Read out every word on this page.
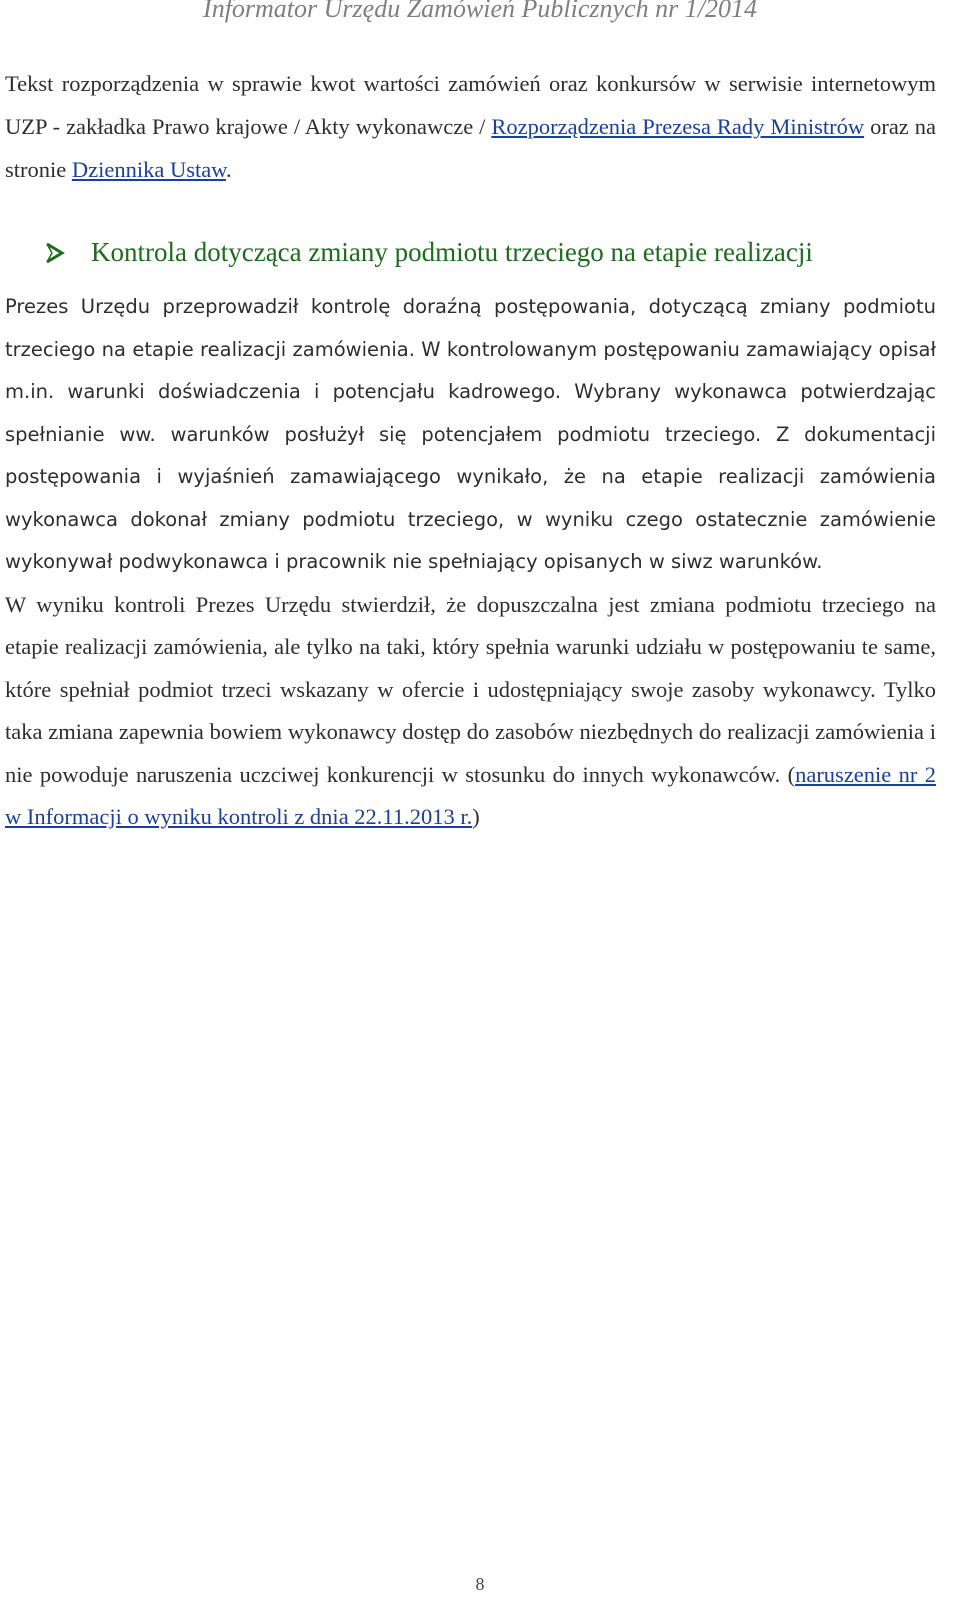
Informator Urzędu Zamówień Publicznych nr 1/2014

Tekst rozporządzenia w sprawie kwot wartości zamówień oraz konkursów w serwisie internetowym UZP - zakładka Prawo krajowe / Akty wykonawcze / Rozporządzenia Prezesa Rady Ministrów oraz na stronie Dziennika Ustaw.

Kontrola dotycząca zmiany podmiotu trzeciego na etapie realizacji

Prezes Urzędu przeprowadził kontrolę doraźną postępowania, dotyczącą zmiany podmiotu trzeciego na etapie realizacji zamówienia. W kontrolowanym postępowaniu zamawiający opisał m.in. warunki doświadczenia i potencjału kadrowego. Wybrany wykonawca potwierdzając spełnianie ww. warunków posłużył się potencjałem podmiotu trzeciego. Z dokumentacji postępowania i wyjaśnień zamawiającego wynikało, że na etapie realizacji zamówienia wykonawca dokonał zmiany podmiotu trzeciego, w wyniku czego ostatecznie zamówienie wykonywał podwykonawca i pracownik nie spełniający opisanych w siwz warunków.

W wyniku kontroli Prezes Urzędu stwierdził, że dopuszczalna jest zmiana podmiotu trzeciego na etapie realizacji zamówienia, ale tylko na taki, który spełnia warunki udziału w postępowaniu te same, które spełniał podmiot trzeci wskazany w ofercie i udostępniający swoje zasoby wykonawcy. Tylko taka zmiana zapewnia bowiem wykonawcy dostęp do zasobów niezbędnych do realizacji zamówienia i nie powoduje naruszenia uczciwej konkurencji w stosunku do innych wykonawców. (naruszenie nr 2 w Informacji o wyniku kontroli z dnia 22.11.2013 r.)

8
